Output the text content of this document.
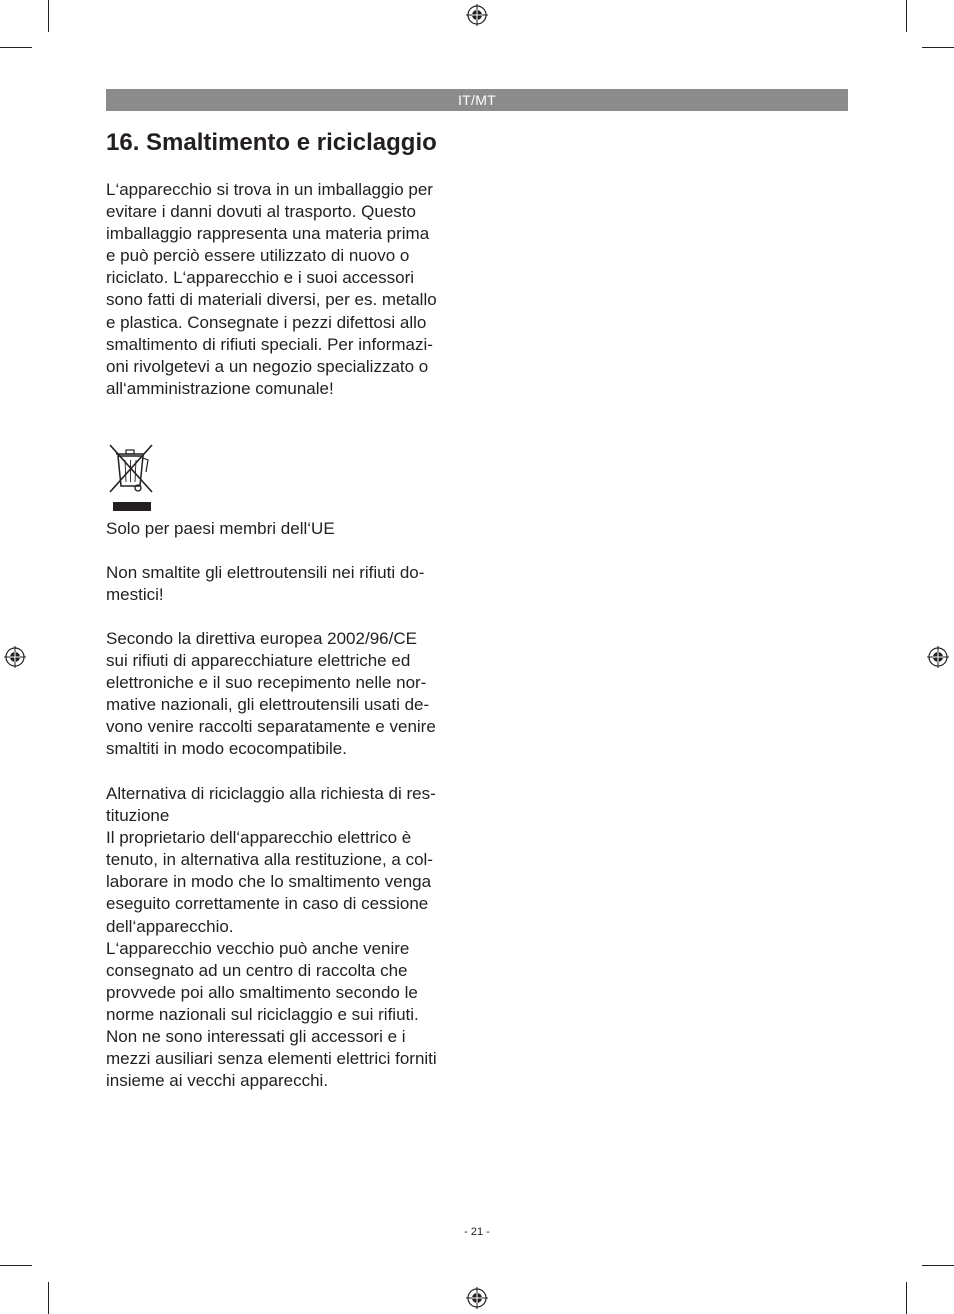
IT/MT
16. Smaltimento e riciclaggio

L‘apparecchio si trova in un imballaggio per
evitare i danni dovuti al trasporto. Questo
imballaggio rappresenta una materia prima
e può perciò essere utilizzato di nuovo o
riciclato. L‘apparecchio e i suoi accessori
sono fatti di materiali diversi, per es. metallo
e plastica. Consegnate i pezzi difettosi allo
smaltimento di rifiuti speciali. Per informazi-
oni rivolgetevi a un negozio specializzato o
all‘amministrazione comunale!

Solo per paesi membri dell‘UE

Non smaltite gli elettroutensili nei rifiuti do-
mestici!

Secondo la direttiva europea 2002/96/CE
sui rifiuti di apparecchiature elettriche ed
elettroniche e il suo recepimento nelle nor-
mative nazionali, gli elettroutensili usati de-
vono venire raccolti separatamente e venire
smaltiti in modo ecocompatibile.

Alternativa di riciclaggio alla richiesta di res-
tituzione
Il proprietario dell‘apparecchio elettrico è
tenuto, in alternativa alla restituzione, a col-
laborare in modo che lo smaltimento venga
eseguito correttamente in caso di cessione
dell‘apparecchio.
L‘apparecchio vecchio può anche venire
consegnato ad un centro di raccolta che
provvede poi allo smaltimento secondo le
norme nazionali sul riciclaggio e sui rifiuti.
Non ne sono interessati gli accessori e i
mezzi ausiliari senza elementi elettrici forniti
insieme ai vecchi apparecchi.

- 21 -
